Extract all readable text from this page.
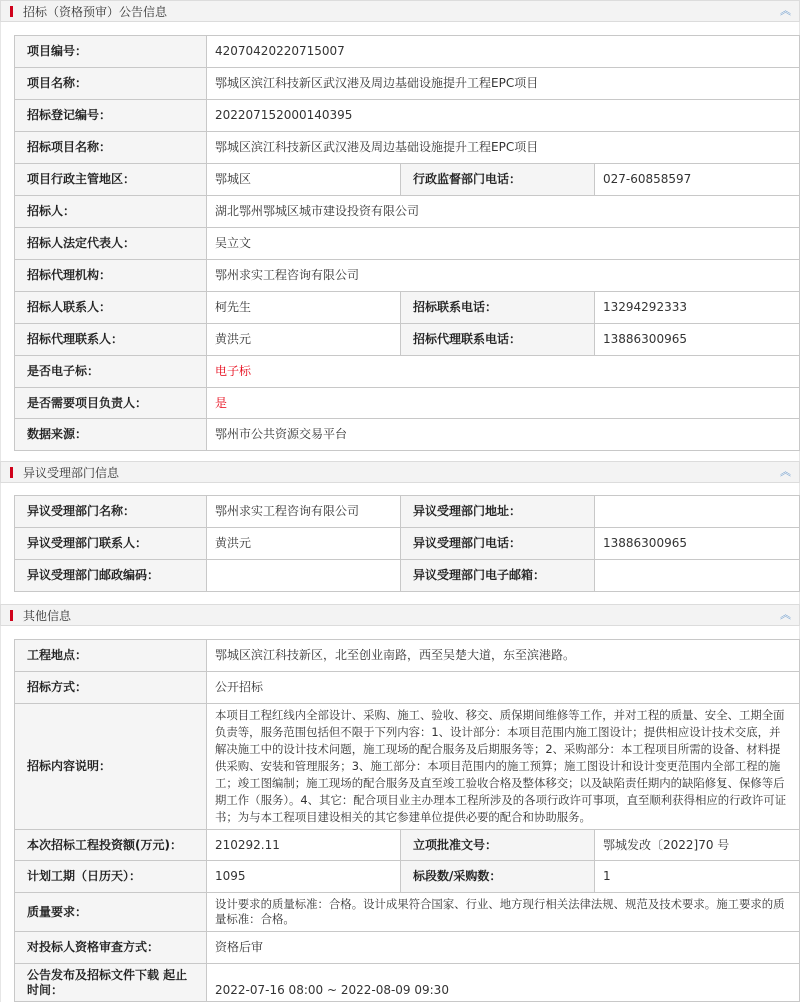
招标（资格预审）公告信息	︽
项目编号：	42070420220715007		
项目名称：	鄂城区滨江科技新区武汉港及周边基础设施提升工程EPC项目		
招标登记编号：	202207152000140395		
招标项目名称：	鄂城区滨江科技新区武汉港及周边基础设施提升工程EPC项目		
项目行政主管地区：	鄂城区	行政监督部门电话：	027-60858597
招标人：	湖北鄂州鄂城区城市建设投资有限公司		
招标人法定代表人：	吴立文		
招标代理机构：	鄂州求实工程咨询有限公司		
招标人联系人：	柯先生	招标联系电话：	13294292333
招标代理联系人：	黄洪元	招标代理联系电话：	13886300965
是否电子标：	电子标		
是否需要项目负责人：	是		
数据来源：	鄂州市公共资源交易平台		
异议受理部门信息	︽
异议受理部门名称：	鄂州求实工程咨询有限公司	异议受理部门地址：	
异议受理部门联系人：	黄洪元	异议受理部门电话：	13886300965
异议受理部门邮政编码：		异议受理部门电子邮箱：	
其他信息	︽
工程地点：	鄂城区滨江科技新区，北至创业南路，西至吴楚大道，东至滨港路。		
招标方式：	公开招标		
招标内容说明：	本项目工程红线内全部设计、采购、施工、验收、移交、质保期间维修等工作，并对工程的质量、安全、工期全面负责等，服务范围包括但不限于下列内容：1、设计部分：本项目范围内施工图设计；提供相应设计技术交底，并解决施工中的设计技术问题，施工现场的配合服务及后期服务等；2、采购部分：本工程项目所需的设备、材料提供采购、安装和管理服务；3、施工部分：本项目范围内的施工预算；施工图设计和设计变更范围内全部工程的施工；竣工图编制；施工现场的配合服务及直至竣工验收合格及整体移交；以及缺陷责任期内的缺陷修复、保修等后期工作（服务）。4、其它：配合项目业主办理本工程所涉及的各项行政许可事项，直至顺利获得相应的行政许可证书；为与本工程项目建设相关的其它参建单位提供必要的配合和协助服务。		
本次招标工程投资额(万元)：	210292.11	立项批准文号：	鄂城发改〔2022]70 号
计划工期（日历天）：	1095	标段数/采购数：	1
质量要求：	设计要求的质量标准：合格。设计成果符合国家、行业、地方现行相关法律法规、规范及技术要求。施工要求的质量标准：合格。		
对投标人资格审查方式：	资格后审		
公告发布及招标文件下载 起止时间：	2022-07-16 08:00 ~ 2022-08-09 09:30		
